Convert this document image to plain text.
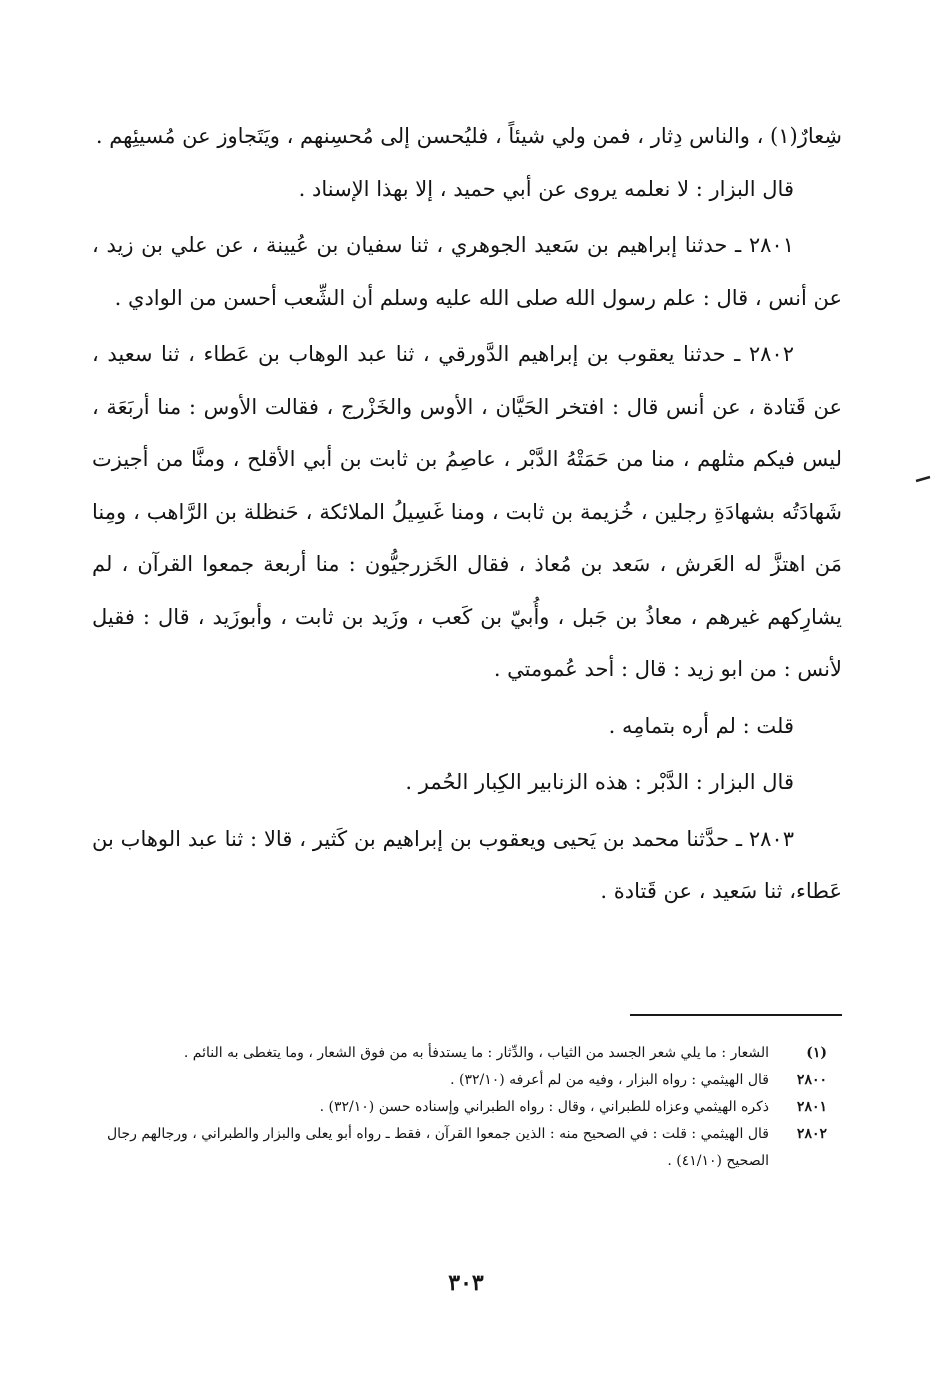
شِعارٌ(١) ، والناس دِثار ، فمن ولي شيئاً ، فليُحسن إلى مُحسِنهم ، ويَتَجاوز عن مُسيئِهم .

قال البزار : لا نعلمه يروى عن أبي حميد ، إلا بهذا الإسناد .

٢٨٠١ ـ حدثنا إبراهيم بن سَعيد الجوهري ، ثنا سفيان بن عُيينة ، عن علي بن زيد ، عن أنس ، قال : علم رسول الله صلى الله عليه وسلم أن الشِّعب أحسن من الوادي .

٢٨٠٢ ـ حدثنا يعقوب بن إبراهيم الدَّورقي ، ثنا عبد الوهاب بن عَطاء ، ثنا سعيد ، عن قَتادة ، عن أنس قال : افتخر الحَيَّان ، الأوس والخَزْرج ، فقالت الأوس : منا أربَعَة ، ليس فيكم مثلهم ، منا من حَمَتْهُ الدَّبْر ، عاصِمُ بن ثابت بن أبي الأقلح ، ومنَّا من أجيزت شَهادَتُه بشهادَةِ رجلين ، خُزيمة بن ثابت ، ومنا غَسِيلُ الملائكة ، حَنظلة بن الرَّاهب ، ومِنا مَن اهتزَّ له العَرش ، سَعد بن مُعاذ ، فقال الخَزرجيُّون : منا أربعة جمعوا القرآن ، لم يشارِكهم غيرهم ، معاذُ بن جَبل ، وأُبيّ بن كَعب ، وزَيد بن ثابت ، وأبوزَيد ، قال : فقيل لأنس : من ابو زيد : قال : أحد عُمومتي .

قلت : لم أره بتمامِه .

قال البزار : الدَّبْر : هذه الزنابير الكِبار الحُمر .

٢٨٠٣ ـ حدَّثنا محمد بن يَحيى ويعقوب بن إبراهيم بن كَثير ، قالا : ثنا عبد الوهاب بن عَطاء، ثنا سَعيد ، عن قَتادة .

(١)
الشعار : ما يلي شعر الجسد من الثياب ، والدِّثار : ما يستدفأ به من فوق الشعار ، وما يتغطى به النائم .
٢٨٠٠
قال الهيثمي : رواه البزار ، وفيه من لم أعرفه (٣٢/١٠) .
٢٨٠١
ذكره الهيثمي وعزاه للطبراني ، وقال : رواه الطبراني وإسناده حسن (٣٢/١٠) .
٢٨٠٢
قال الهيثمي : قلت : في الصحيح منه : الذين جمعوا القرآن ، فقط ـ رواه أبو يعلى والبزار والطبراني ، ورجالهم رجال الصحيح (٤١/١٠) .
٣٠٣
